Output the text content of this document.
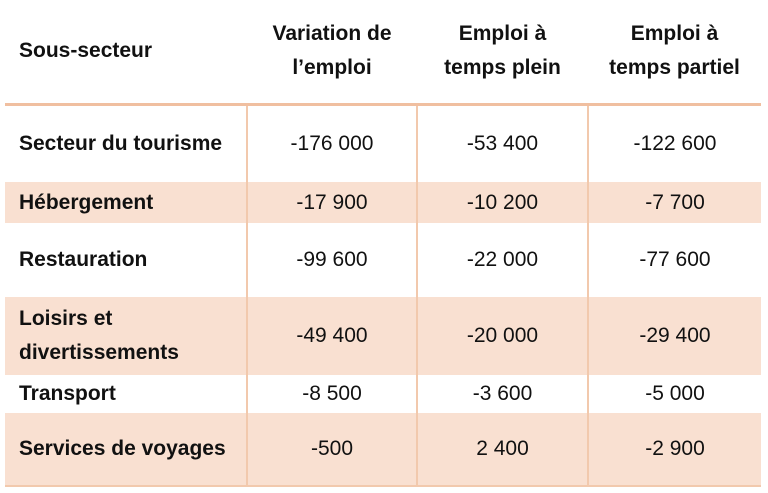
Sous-secteur	Variation de l’emploi	Emploi à temps plein	Emploi à temps partiel
Secteur du tourisme	-176 000	-53 400	-122 600
Hébergement	-17 900	-10 200	-7 700
Restauration	-99 600	-22 000	-77 600
Loisirs et divertissements	-49 400	-20 000	-29 400
Transport	-8 500	-3 600	-5 000
Services de voyages	-500	2 400	-2 900
